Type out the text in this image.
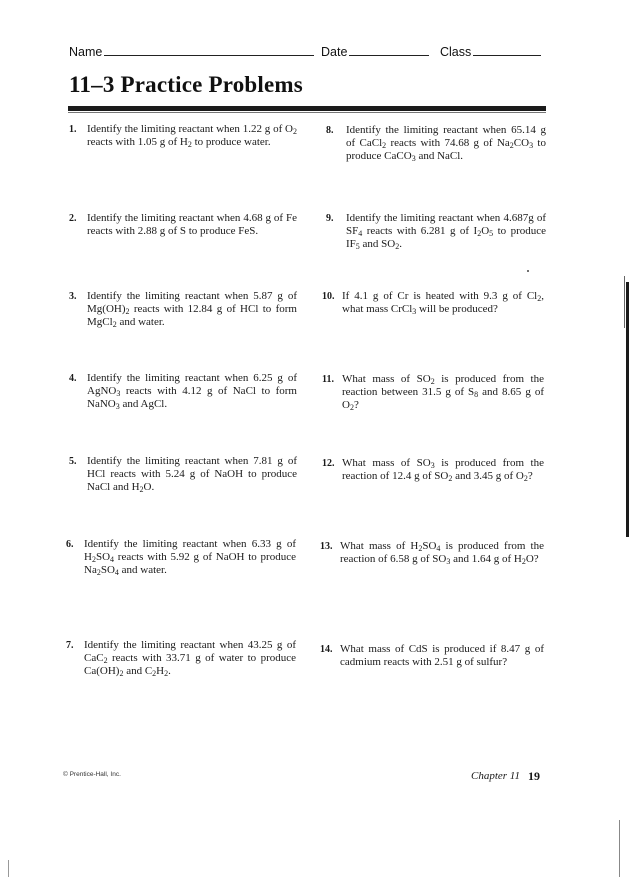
Name	Date	Class
11–3 Practice Problems
1. Identify the limiting reactant when 1.22 g of $O_2$ reacts with 1.05 g of $H_2$ to produce water.
2. Identify the limiting reactant when 4.68 g of Fe reacts with 2.88 g of S to produce FeS.
3. Identify the limiting reactant when 5.87 g of $Mg(OH)_2$ reacts with 12.84 g of HCl to form MgCl$_2$ and water.
4. Identify the limiting reactant when 6.25 g of AgNO$_3$ reacts with 4.12 g of NaCl to form NaNO$_3$ and AgCl.
5. Identify the limiting reactant when 7.81 g of HCl reacts with 5.24 g of NaOH to produce NaCl and $H_2O$.
6. Identify the limiting reactant when 6.33 g of $H_2SO_4$ reacts with 5.92 g of NaOH to produce $Na_2SO_4$ and water.
7. Identify the limiting reactant when 43.25 g of CaC$_2$ reacts with 33.71 g of water to produce $Ca(OH)_2$ and $C_2H_2$.
8. Identify the limiting reactant when 65.14 g of CaCl$_2$ reacts with 74.68 g of $Na_2CO_3$ to produce CaCO$_3$ and NaCl.
9. Identify the limiting reactant when 4.687g of $SF_4$ reacts with 6.281 g of $I_2O_5$ to produce $IF_5$ and $SO_2$.
10. If 4.1 g of Cr is heated with 9.3 g of $Cl_2$, what mass CrCl$_3$ will be produced?
11. What mass of $SO_2$ is produced from the reaction between 31.5 g of $S_8$ and 8.65 g of $O_2$?
12. What mass of $SO_3$ is produced from the reaction of 12.4 g of $SO_2$ and 3.45 g of $O_2$?
13. What mass of $H_2SO_4$ is produced from the reaction of 6.58 g of $SO_3$ and 1.64 g of $H_2O$?
14. What mass of CdS is produced if 8.47 g of cadmium reacts with 2.51 g of sulfur?
© Prentice-Hall, Inc.	Chapter 11 19
